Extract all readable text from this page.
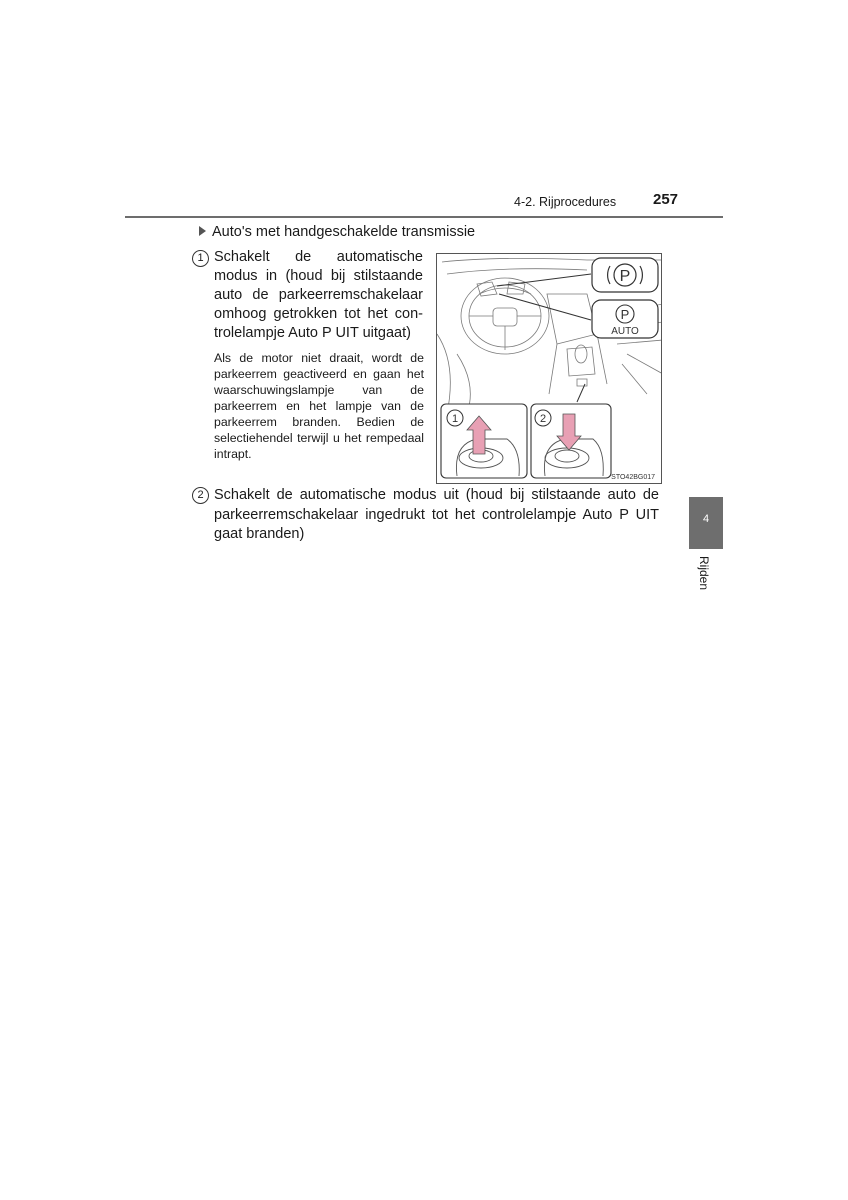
4-2. Rijprocedures 257
Auto's met handgeschakelde transmissie
1 Schakelt de automatische modus in (houd bij stilstaande auto de parkeerremschakelaar omhoog getrokken tot het con-trolelampje Auto P UIT uitgaat)
Als de motor niet draait, wordt de parkeerrem geactiveerd en gaan het waarschuwingslampje van de parkeerrem en het lampje van de parkeerrem branden. Bedien de selectiehendel terwijl u het rempedaal intrapt.
P
P
AUTO
1	2
STO42BG017
2 Schakelt de automatische modus uit (houd bij stilstaande auto de parkeerremschakelaar ingedrukt tot het controlelampje Auto P UIT gaat branden)
4
Rijden
